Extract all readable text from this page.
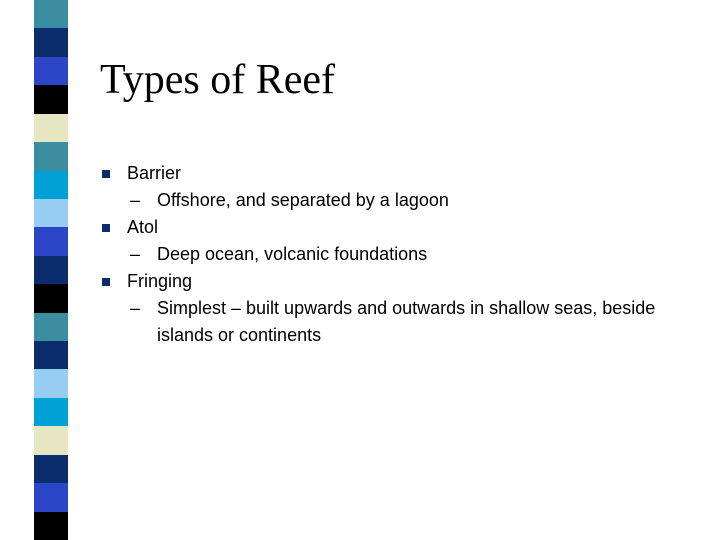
Types of Reef
Barrier
– Offshore, and separated by a lagoon
Atol
– Deep ocean, volcanic foundations
Fringing
– Simplest – built upwards and outwards in shallow seas, beside islands or continents
